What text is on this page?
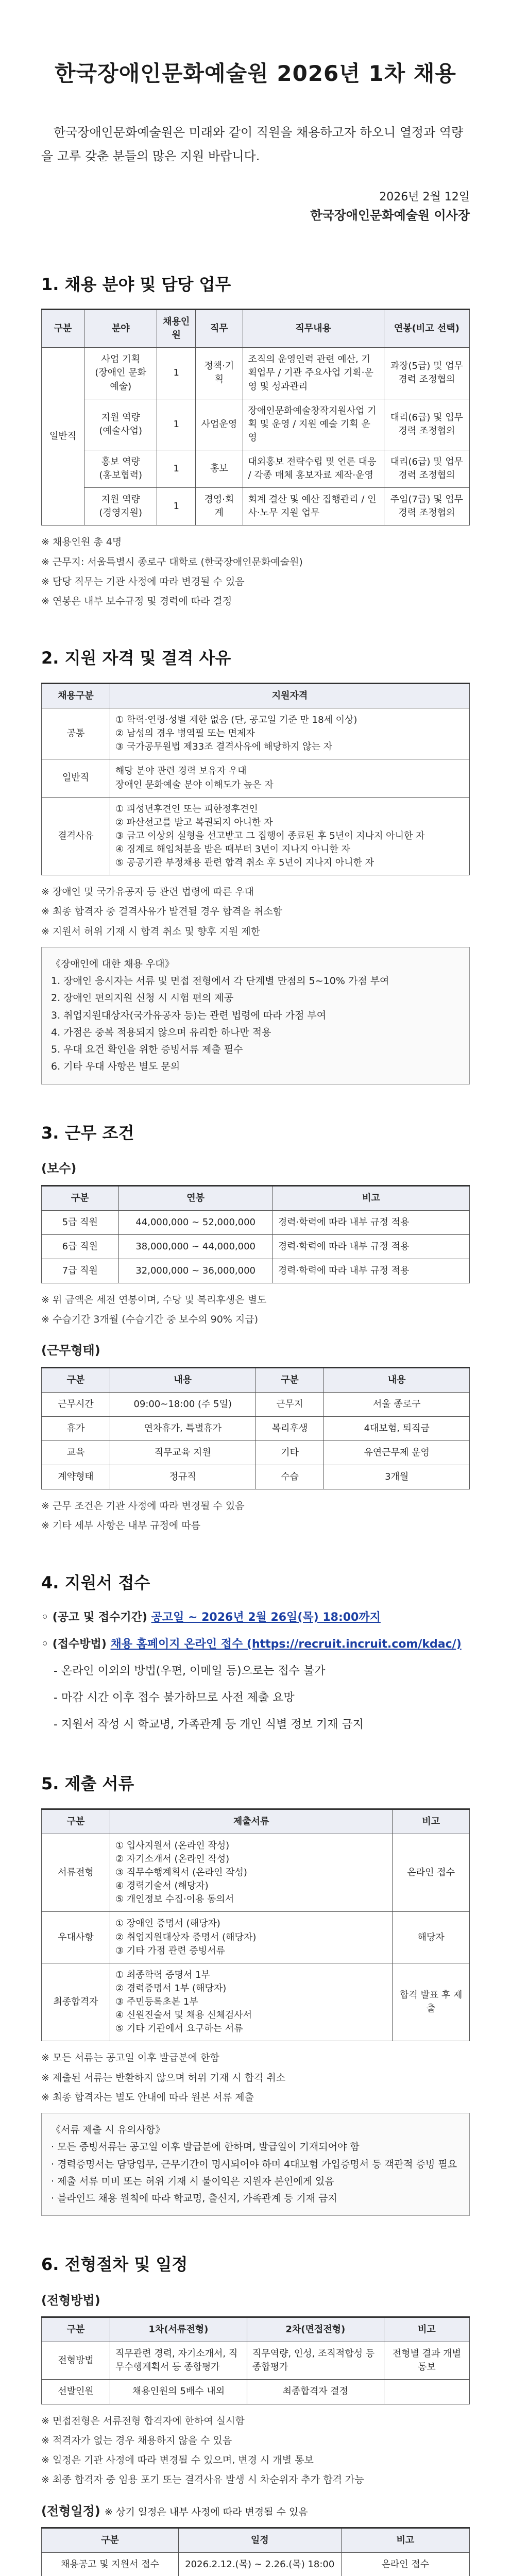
한국장애인문화예술원 2026년 1차 채용

한국장애인문화예술원은 미래와 같이 직원을 채용하고자 하오니 열정과 역량을 고루 갖춘 분들의 많은 지원 바랍니다.

2026년 2월 12일
한국장애인문화예술원 이사장
1. 채용 분야 및 담당 업무
구분	분야	채용인원	직무	직무내용	연봉(비고 선택)
일반직	사업 기획
(장애인 문화 예술)	1	정책·기획	조직의 운영인력 관련 예산, 기획업무 / 기관 주요사업 기획·운영 및 성과관리	과장(5급) 및 업무 경력 조정협의
	지원 역량
(예술사업)	1	사업운영	장애인문화예술창작지원사업 기획 및 운영 / 지원 예술 기획 운영	대리(6급) 및 업무 경력 조정협의
	홍보 역량
(홍보협력)	1	홍보	대외홍보 전략수립 및 언론 대응 / 각종 매체 홍보자료 제작·운영	대리(6급) 및 업무 경력 조정협의
	지원 역량
(경영지원)	1	경영·회계	회계 결산 및 예산 집행관리 / 인사·노무 지원 업무	주임(7급) 및 업무 경력 조정협의
※ 채용인원 총 4명
※ 근무지: 서울특별시 종로구 대학로 (한국장애인문화예술원)
※ 담당 직무는 기관 사정에 따라 변경될 수 있음
※ 연봉은 내부 보수규정 및 경력에 따라 결정
2. 지원 자격 및 결격 사유
채용구분	지원자격
공통	① 학력·연령·성별 제한 없음 (단, 공고일 기준 만 18세 이상)
② 남성의 경우 병역필 또는 면제자
③ 국가공무원법 제33조 결격사유에 해당하지 않는 자
일반직	해당 분야 관련 경력 보유자 우대
장애인 문화예술 분야 이해도가 높은 자
결격사유	① 피성년후견인 또는 피한정후견인
② 파산선고를 받고 복권되지 아니한 자
③ 금고 이상의 실형을 선고받고 그 집행이 종료된 후 5년이 지나지 아니한 자
④ 징계로 해임처분을 받은 때부터 3년이 지나지 아니한 자
⑤ 공공기관 부정채용 관련 합격 취소 후 5년이 지나지 아니한 자
※ 장애인 및 국가유공자 등 관련 법령에 따른 우대
※ 최종 합격자 중 결격사유가 발견될 경우 합격을 취소함
※ 지원서 허위 기재 시 합격 취소 및 향후 지원 제한
《장애인에 대한 채용 우대》
1. 장애인 응시자는 서류 및 면접 전형에서 각 단계별 만점의 5~10% 가점 부여
2. 장애인 편의지원 신청 시 시험 편의 제공
3. 취업지원대상자(국가유공자 등)는 관련 법령에 따라 가점 부여
4. 가점은 중복 적용되지 않으며 유리한 하나만 적용
5. 우대 요건 확인을 위한 증빙서류 제출 필수
6. 기타 우대 사항은 별도 문의
3. 근무 조건
(보수)
구분	연봉	비고
5급 직원	44,000,000 ~ 52,000,000	경력·학력에 따라 내부 규정 적용
6급 직원	38,000,000 ~ 44,000,000	경력·학력에 따라 내부 규정 적용
7급 직원	32,000,000 ~ 36,000,000	경력·학력에 따라 내부 규정 적용
※ 위 금액은 세전 연봉이며, 수당 및 복리후생은 별도
※ 수습기간 3개월 (수습기간 중 보수의 90% 지급)
(근무형태)
구분	내용	구분	내용
근무시간	09:00~18:00 (주 5일)	근무지	서울 종로구
휴가	연차휴가, 특별휴가	복리후생	4대보험, 퇴직금
교육	직무교육 지원	기타	유연근무제 운영
계약형태	정규직	수습	3개월
※ 근무 조건은 기관 사정에 따라 변경될 수 있음
※ 기타 세부 사항은 내부 규정에 따름
4. 지원서 접수
◦ (공고 및 접수기간) 공고일 ~ 2026년 2월 26일(목) 18:00까지
◦ (접수방법) 채용 홈페이지 온라인 접수 (https://recruit.incruit.com/kdac/)
- 온라인 이외의 방법(우편, 이메일 등)으로는 접수 불가
- 마감 시간 이후 접수 불가하므로 사전 제출 요망
- 지원서 작성 시 학교명, 가족관계 등 개인 식별 정보 기재 금지
5. 제출 서류
구분	제출서류	비고
서류전형	① 입사지원서 (온라인 작성)
② 자기소개서 (온라인 작성)
③ 직무수행계획서 (온라인 작성)
④ 경력기술서 (해당자)
⑤ 개인정보 수집·이용 동의서	온라인 접수
우대사항	① 장애인 증명서 (해당자)
② 취업지원대상자 증명서 (해당자)
③ 기타 가점 관련 증빙서류	해당자
최종합격자	① 최종학력 증명서 1부
② 경력증명서 1부 (해당자)
③ 주민등록초본 1부
④ 신원진술서 및 채용 신체검사서
⑤ 기타 기관에서 요구하는 서류	합격 발표 후 제출
※ 모든 서류는 공고일 이후 발급분에 한함
※ 제출된 서류는 반환하지 않으며 허위 기재 시 합격 취소
※ 최종 합격자는 별도 안내에 따라 원본 서류 제출
《서류 제출 시 유의사항》
· 모든 증빙서류는 공고일 이후 발급분에 한하며, 발급일이 기재되어야 함
· 경력증명서는 담당업무, 근무기간이 명시되어야 하며 4대보험 가입증명서 등 객관적 증빙 필요
· 제출 서류 미비 또는 허위 기재 시 불이익은 지원자 본인에게 있음
· 블라인드 채용 원칙에 따라 학교명, 출신지, 가족관계 등 기재 금지
6. 전형절차 및 일정
(전형방법)
구분	1차(서류전형)	2차(면접전형)	비고
전형방법	직무관련 경력, 자기소개서, 직무수행계획서 등 종합평가	직무역량, 인성, 조직적합성 등 종합평가	전형별 결과 개별 통보
선발인원	채용인원의 5배수 내외	최종합격자 결정	
※ 면접전형은 서류전형 합격자에 한하여 실시함
※ 적격자가 없는 경우 채용하지 않을 수 있음
※ 일정은 기관 사정에 따라 변경될 수 있으며, 변경 시 개별 통보
※ 최종 합격자 중 임용 포기 또는 결격사유 발생 시 차순위자 추가 합격 가능
(전형일정) ※ 상기 일정은 내부 사정에 따라 변경될 수 있음
구분	일정	비고
채용공고 및 지원서 접수	2026.2.12.(목) ~ 2.26.(목) 18:00	온라인 접수
